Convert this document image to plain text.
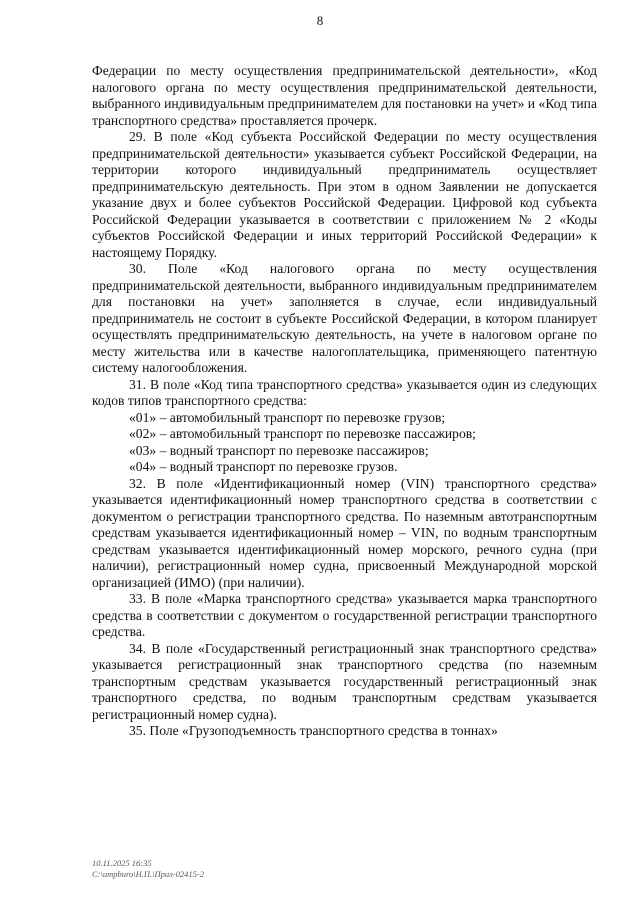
8

Федерации по месту осуществления предпринимательской деятельности», «Код налогового органа по месту осуществления предпринимательской деятельности, выбранного индивидуальным предпринимателем для постановки на учет» и «Код типа транспортного средства» проставляется прочерк.

29. В поле «Код субъекта Российской Федерации по месту осуществления предпринимательской деятельности» указывается субъект Российской Федерации, на территории которого индивидуальный предприниматель осуществляет предпринимательскую деятельность. При этом в одном Заявлении не допускается указание двух и более субъектов Российской Федерации. Цифровой код субъекта Российской Федерации указывается в соответствии с приложением № 2 «Коды субъектов Российской Федерации и иных территорий Российской Федерации» к настоящему Порядку.

30. Поле «Код налогового органа по месту осуществления предпринимательской деятельности, выбранного индивидуальным предпринимателем для постановки на учет» заполняется в случае, если индивидуальный предприниматель не состоит в субъекте Российской Федерации, в котором планирует осуществлять предпринимательскую деятельность, на учете в налоговом органе по месту жительства или в качестве налогоплательщика, применяющего патентную систему налогообложения.

31. В поле «Код типа транспортного средства» указывается один из следующих кодов типов транспортного средства:

«01» – автомобильный транспорт по перевозке грузов;

«02» – автомобильный транспорт по перевозке пассажиров;

«03» – водный транспорт по перевозке пассажиров;

«04» – водный транспорт по перевозке грузов.

32. В поле «Идентификационный номер (VIN) транспортного средства» указывается идентификационный номер транспортного средства в соответствии с документом о регистрации транспортного средства. По наземным автотранспортным средствам указывается идентификационный номер – VIN, по водным транспортным средствам указывается идентификационный номер морского, речного судна (при наличии), регистрационный номер судна, присвоенный Международной морской организацией (ИМО) (при наличии).

33. В поле «Марка транспортного средства» указывается марка транспортного средства в соответствии с документом о государственной регистрации транспортного средства.

34. В поле «Государственный регистрационный знак транспортного средства» указывается регистрационный знак транспортного средства (по наземным транспортным средствам указывается государственный регистрационный знак транспортного средства, по водным транспортным средствам указывается регистрационный номер судна).

35. Поле «Грузоподъемность транспортного средства в тоннах»

10.11.2025 16:35
C:\umpburo\Н.П.\Прил-02415-2
